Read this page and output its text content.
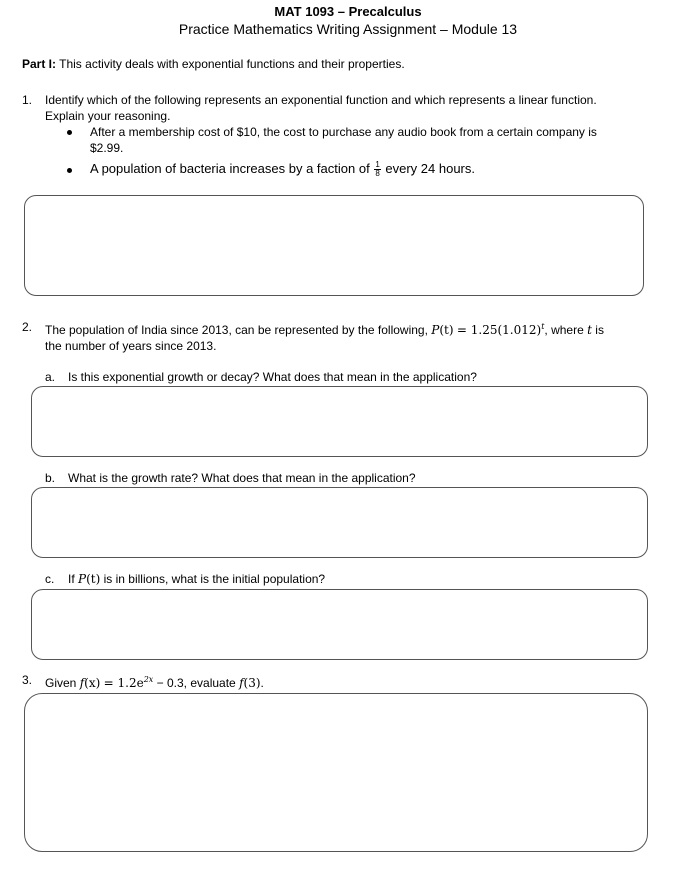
MAT 1093 – Precalculus
Practice Mathematics Writing Assignment – Module 13
Part I: This activity deals with exponential functions and their properties.
1. Identify which of the following represents an exponential function and which represents a linear function.
Explain your reasoning.
After a membership cost of $10, the cost to purchase any audio book from a certain company is
$2.99.
A population of bacteria increases by a faction of $\frac{1}{8}$ every 24 hours.
2. The population of India since 2013, can be represented by the following, $P(t) = 1.25(1.012)^t$, where t is
the number of years since 2013.
a. Is this exponential growth or decay? What does that mean in the application?
b. What is the growth rate? What does that mean in the application?
c. If P(t) is in billions, what is the initial population?
3. Given $f(x) = 1.2e^{2x} - 0.3$, evaluate f(3).
